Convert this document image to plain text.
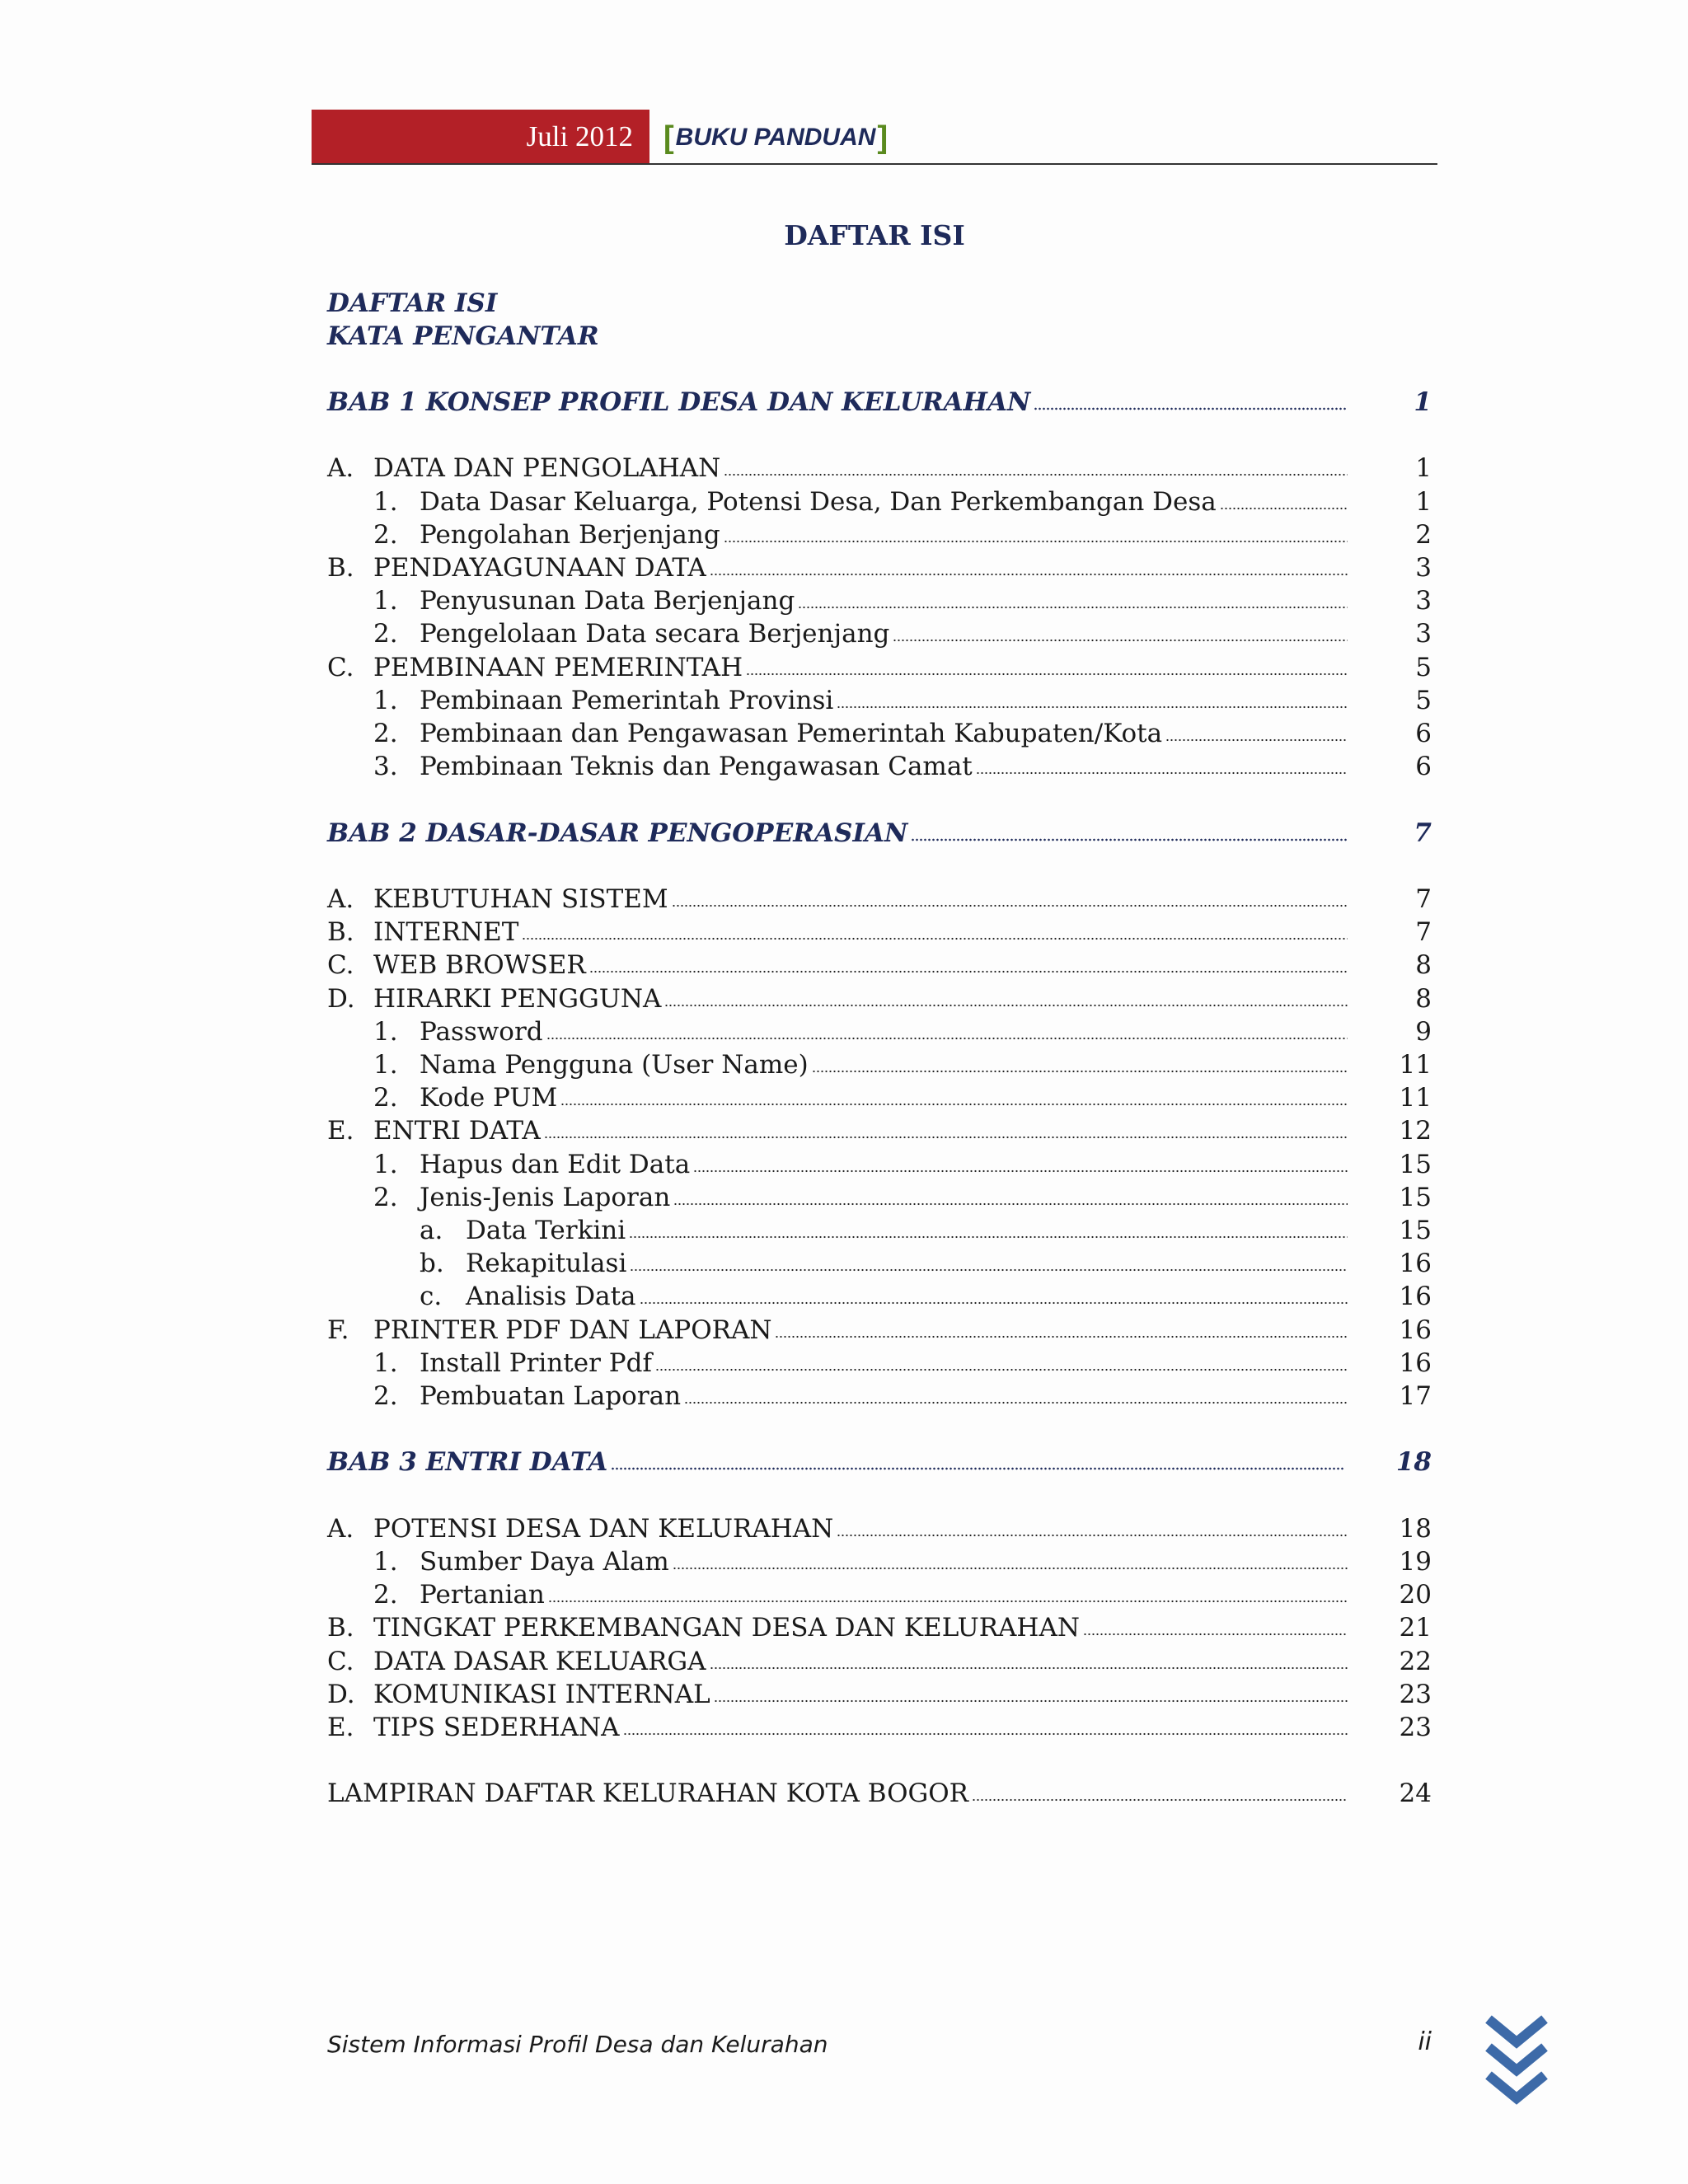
Juli 2012 [ BUKU PANDUAN ]
DAFTAR ISI
DAFTAR ISI
KATA PENGANTAR
BAB 1 KONSEP PROFIL DESA DAN KELURAHAN	1
A. DATA DAN PENGOLAHAN	1
1. Data Dasar Keluarga, Potensi Desa, Dan Perkembangan Desa	1
2. Pengolahan Berjenjang	2
B. PENDAYAGUNAAN DATA	3
1. Penyusunan Data Berjenjang	3
2. Pengelolaan Data secara Berjenjang	3
C. PEMBINAAN PEMERINTAH	5
1. Pembinaan Pemerintah Provinsi	5
2. Pembinaan dan Pengawasan Pemerintah Kabupaten/Kota	6
3. Pembinaan Teknis dan Pengawasan Camat	6
BAB 2 DASAR-DASAR PENGOPERASIAN	7
A. KEBUTUHAN SISTEM	7
B. INTERNET	7
C. WEB BROWSER	8
D. HIRARKI PENGGUNA	8
1. Password	9
1. Nama Pengguna (User Name)	11
2. Kode PUM	11
E. ENTRI DATA	12
1. Hapus dan Edit Data	15
2. Jenis-Jenis Laporan	15
a. Data Terkini	15
b. Rekapitulasi	16
c. Analisis Data	16
F. PRINTER PDF DAN LAPORAN	16
1. Install Printer Pdf	16
2. Pembuatan Laporan	17
BAB 3 ENTRI DATA	18
A. POTENSI DESA DAN KELURAHAN	18
1. Sumber Daya Alam	19
2. Pertanian	20
B. TINGKAT PERKEMBANGAN DESA DAN KELURAHAN	21
C. DATA DASAR KELUARGA	22
D. KOMUNIKASI INTERNAL	23
E. TIPS SEDERHANA	23
LAMPIRAN DAFTAR KELURAHAN KOTA BOGOR	24
Sistem Informasi Profil Desa dan Kelurahan	ii
